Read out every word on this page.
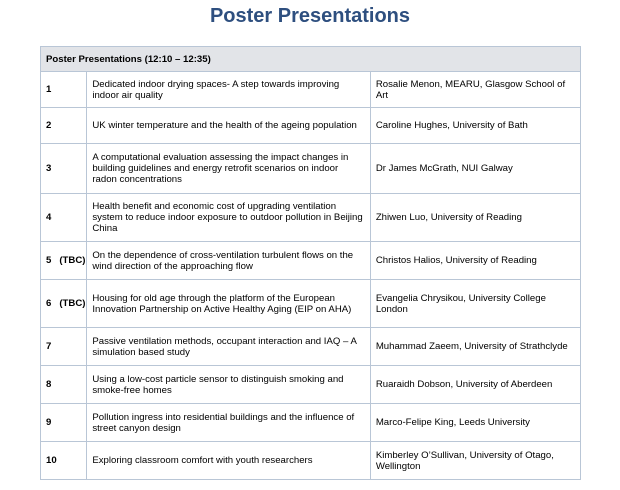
Poster Presentations
Poster Presentations (12:10 – 12:35)		
1	Dedicated indoor drying spaces- A step towards improving indoor air quality	Rosalie Menon, MEARU, Glasgow School of Art
2	UK winter temperature and the health of the ageing population	Caroline Hughes, University of Bath
3	A computational evaluation assessing the impact changes in building guidelines and energy retrofit scenarios on indoor radon concentrations	Dr James McGrath, NUI Galway
4	Health benefit and economic cost of upgrading ventilation system to reduce indoor exposure to outdoor pollution in Beijing China	Zhiwen Luo, University of Reading
5   (TBC)	On the dependence of cross-ventilation turbulent flows on the wind direction of the approaching flow	Christos Halios, University of Reading
6   (TBC)	Housing for old age through the platform of the European Innovation Partnership on Active Healthy Aging (EIP on AHA)	Evangelia Chrysikou, University College London
7	Passive ventilation methods, occupant interaction and IAQ – A simulation based study	Muhammad Zaeem, University of Strathclyde
8	Using a low-cost particle sensor to distinguish smoking and smoke-free homes	Ruaraidh Dobson, University of Aberdeen
9	Pollution ingress into residential buildings and the influence of street canyon design	Marco-Felipe King, Leeds University
10	Exploring classroom comfort with youth researchers	Kimberley O’Sullivan, University of Otago, Wellington
